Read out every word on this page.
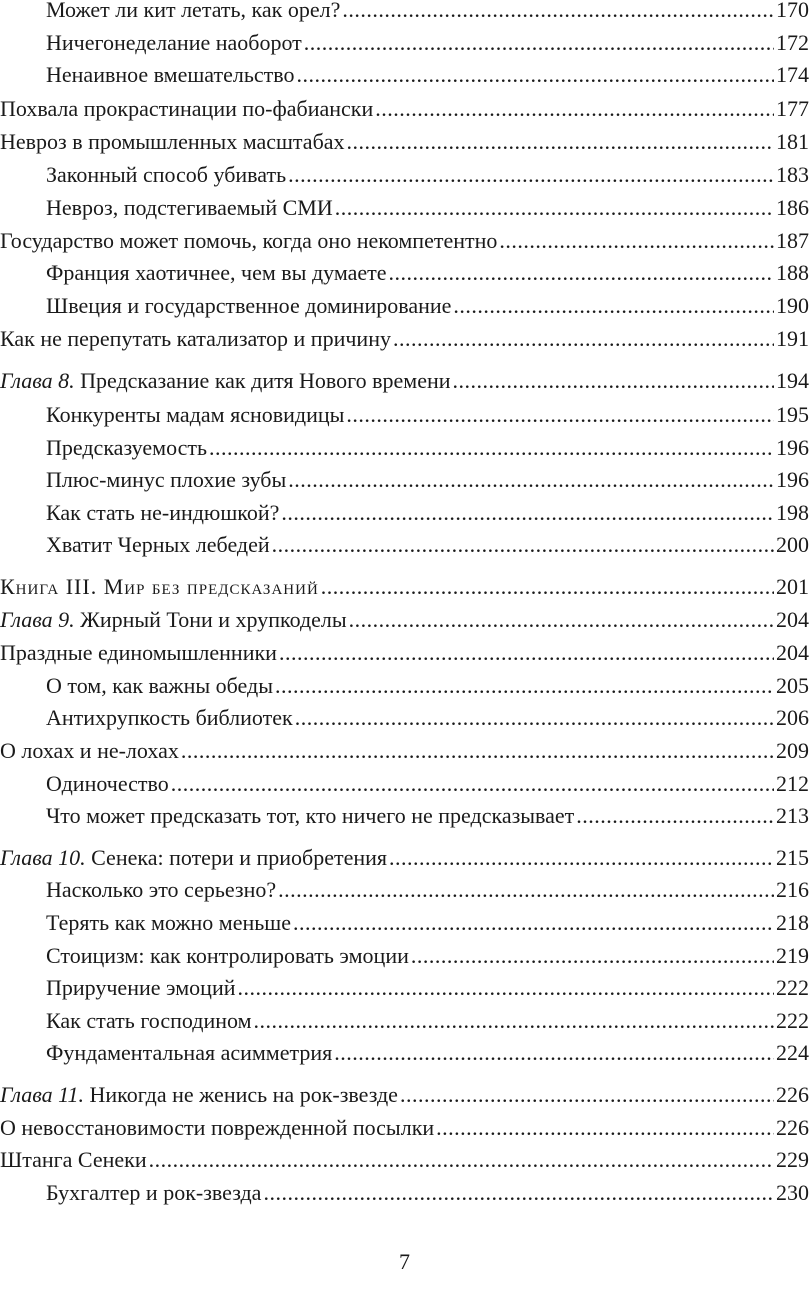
Может ли кит летать, как орел? .....	170
Ничегонеделание наоборот .....	172
Ненаивное вмешательство .....	174
Похвала прокрастинации по-фабиански .....	177
Невроз в промышленных масштабах .....	181
Законный способ убивать .....	183
Невроз, подстегиваемый СМИ .....	186
Государство может помочь, когда оно некомпетентно .....	187
Франция хаотичнее, чем вы думаете .....	188
Швеция и государственное доминирование .....	190
Как не перепутать катализатор и причину .....	191
Глава 8. Предсказание как дитя Нового времени .....	194
Конкуренты мадам ясновидицы .....	195
Предсказуемость .....	196
Плюс-минус плохие зубы .....	196
Как стать не-индюшкой? .....	198
Хватит Черных лебедей .....	200
Книга III. Мир без предсказаний .....	201
Глава 9. Жирный Тони и хрупкоделы .....	204
Праздные единомышленники .....	204
О том, как важны обеды .....	205
Антихрупкость библиотек .....	206
О лохах и не-лохах .....	209
Одиночество .....	212
Что может предсказать тот, кто ничего не предсказывает .....	213
Глава 10. Сенека: потери и приобретения .....	215
Насколько это серьезно? .....	216
Терять как можно меньше .....	218
Стоицизм: как контролировать эмоции .....	219
Приручение эмоций .....	222
Как стать господином .....	222
Фундаментальная асимметрия .....	224
Глава 11. Никогда не женись на рок-звезде .....	226
О невосстановимости поврежденной посылки .....	226
Штанга Сенеки .....	229
Бухгалтер и рок-звезда .....	230
7
